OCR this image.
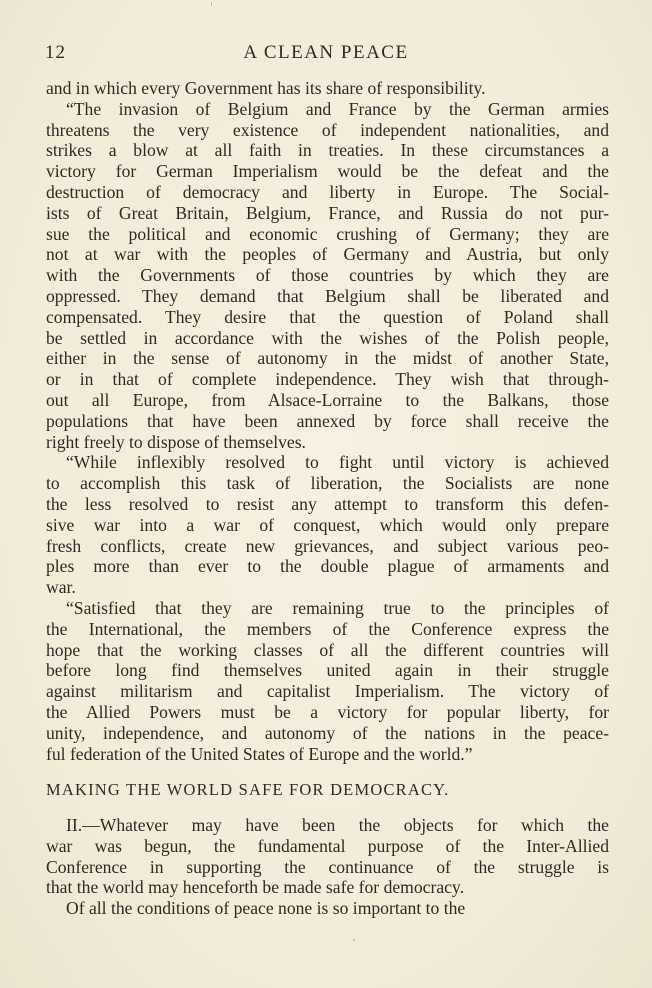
12	A CLEAN PEACE
and in which every Government has its share of responsibility.
“The invasion of Belgium and France by the German armies
threatens the very existence of independent nationalities, and
strikes a blow at all faith in treaties. In these circumstances a
victory for German Imperialism would be the defeat and the
destruction of democracy and liberty in Europe. The Social-
ists of Great Britain, Belgium, France, and Russia do not pur-
sue the political and economic crushing of Germany; they are
not at war with the peoples of Germany and Austria, but only
with the Governments of those countries by which they are
oppressed. They demand that Belgium shall be liberated and
compensated. They desire that the question of Poland shall
be settled in accordance with the wishes of the Polish people,
either in the sense of autonomy in the midst of another State,
or in that of complete independence. They wish that through-
out all Europe, from Alsace-Lorraine to the Balkans, those
populations that have been annexed by force shall receive the
right freely to dispose of themselves.
“While inflexibly resolved to fight until victory is achieved
to accomplish this task of liberation, the Socialists are none
the less resolved to resist any attempt to transform this defen-
sive war into a war of conquest, which would only prepare
fresh conflicts, create new grievances, and subject various peo-
ples more than ever to the double plague of armaments and
war.
“Satisfied that they are remaining true to the principles of
the International, the members of the Conference express the
hope that the working classes of all the different countries will
before long find themselves united again in their struggle
against militarism and capitalist Imperialism. The victory of
the Allied Powers must be a victory for popular liberty, for
unity, independence, and autonomy of the nations in the peace-
ful federation of the United States of Europe and the world.”
MAKING THE WORLD SAFE FOR DEMOCRACY.
II.—Whatever may have been the objects for which the
war was begun, the fundamental purpose of the Inter-Allied
Conference in supporting the continuance of the struggle is
that the world may henceforth be made safe for democracy.
Of all the conditions of peace none is so important to the
